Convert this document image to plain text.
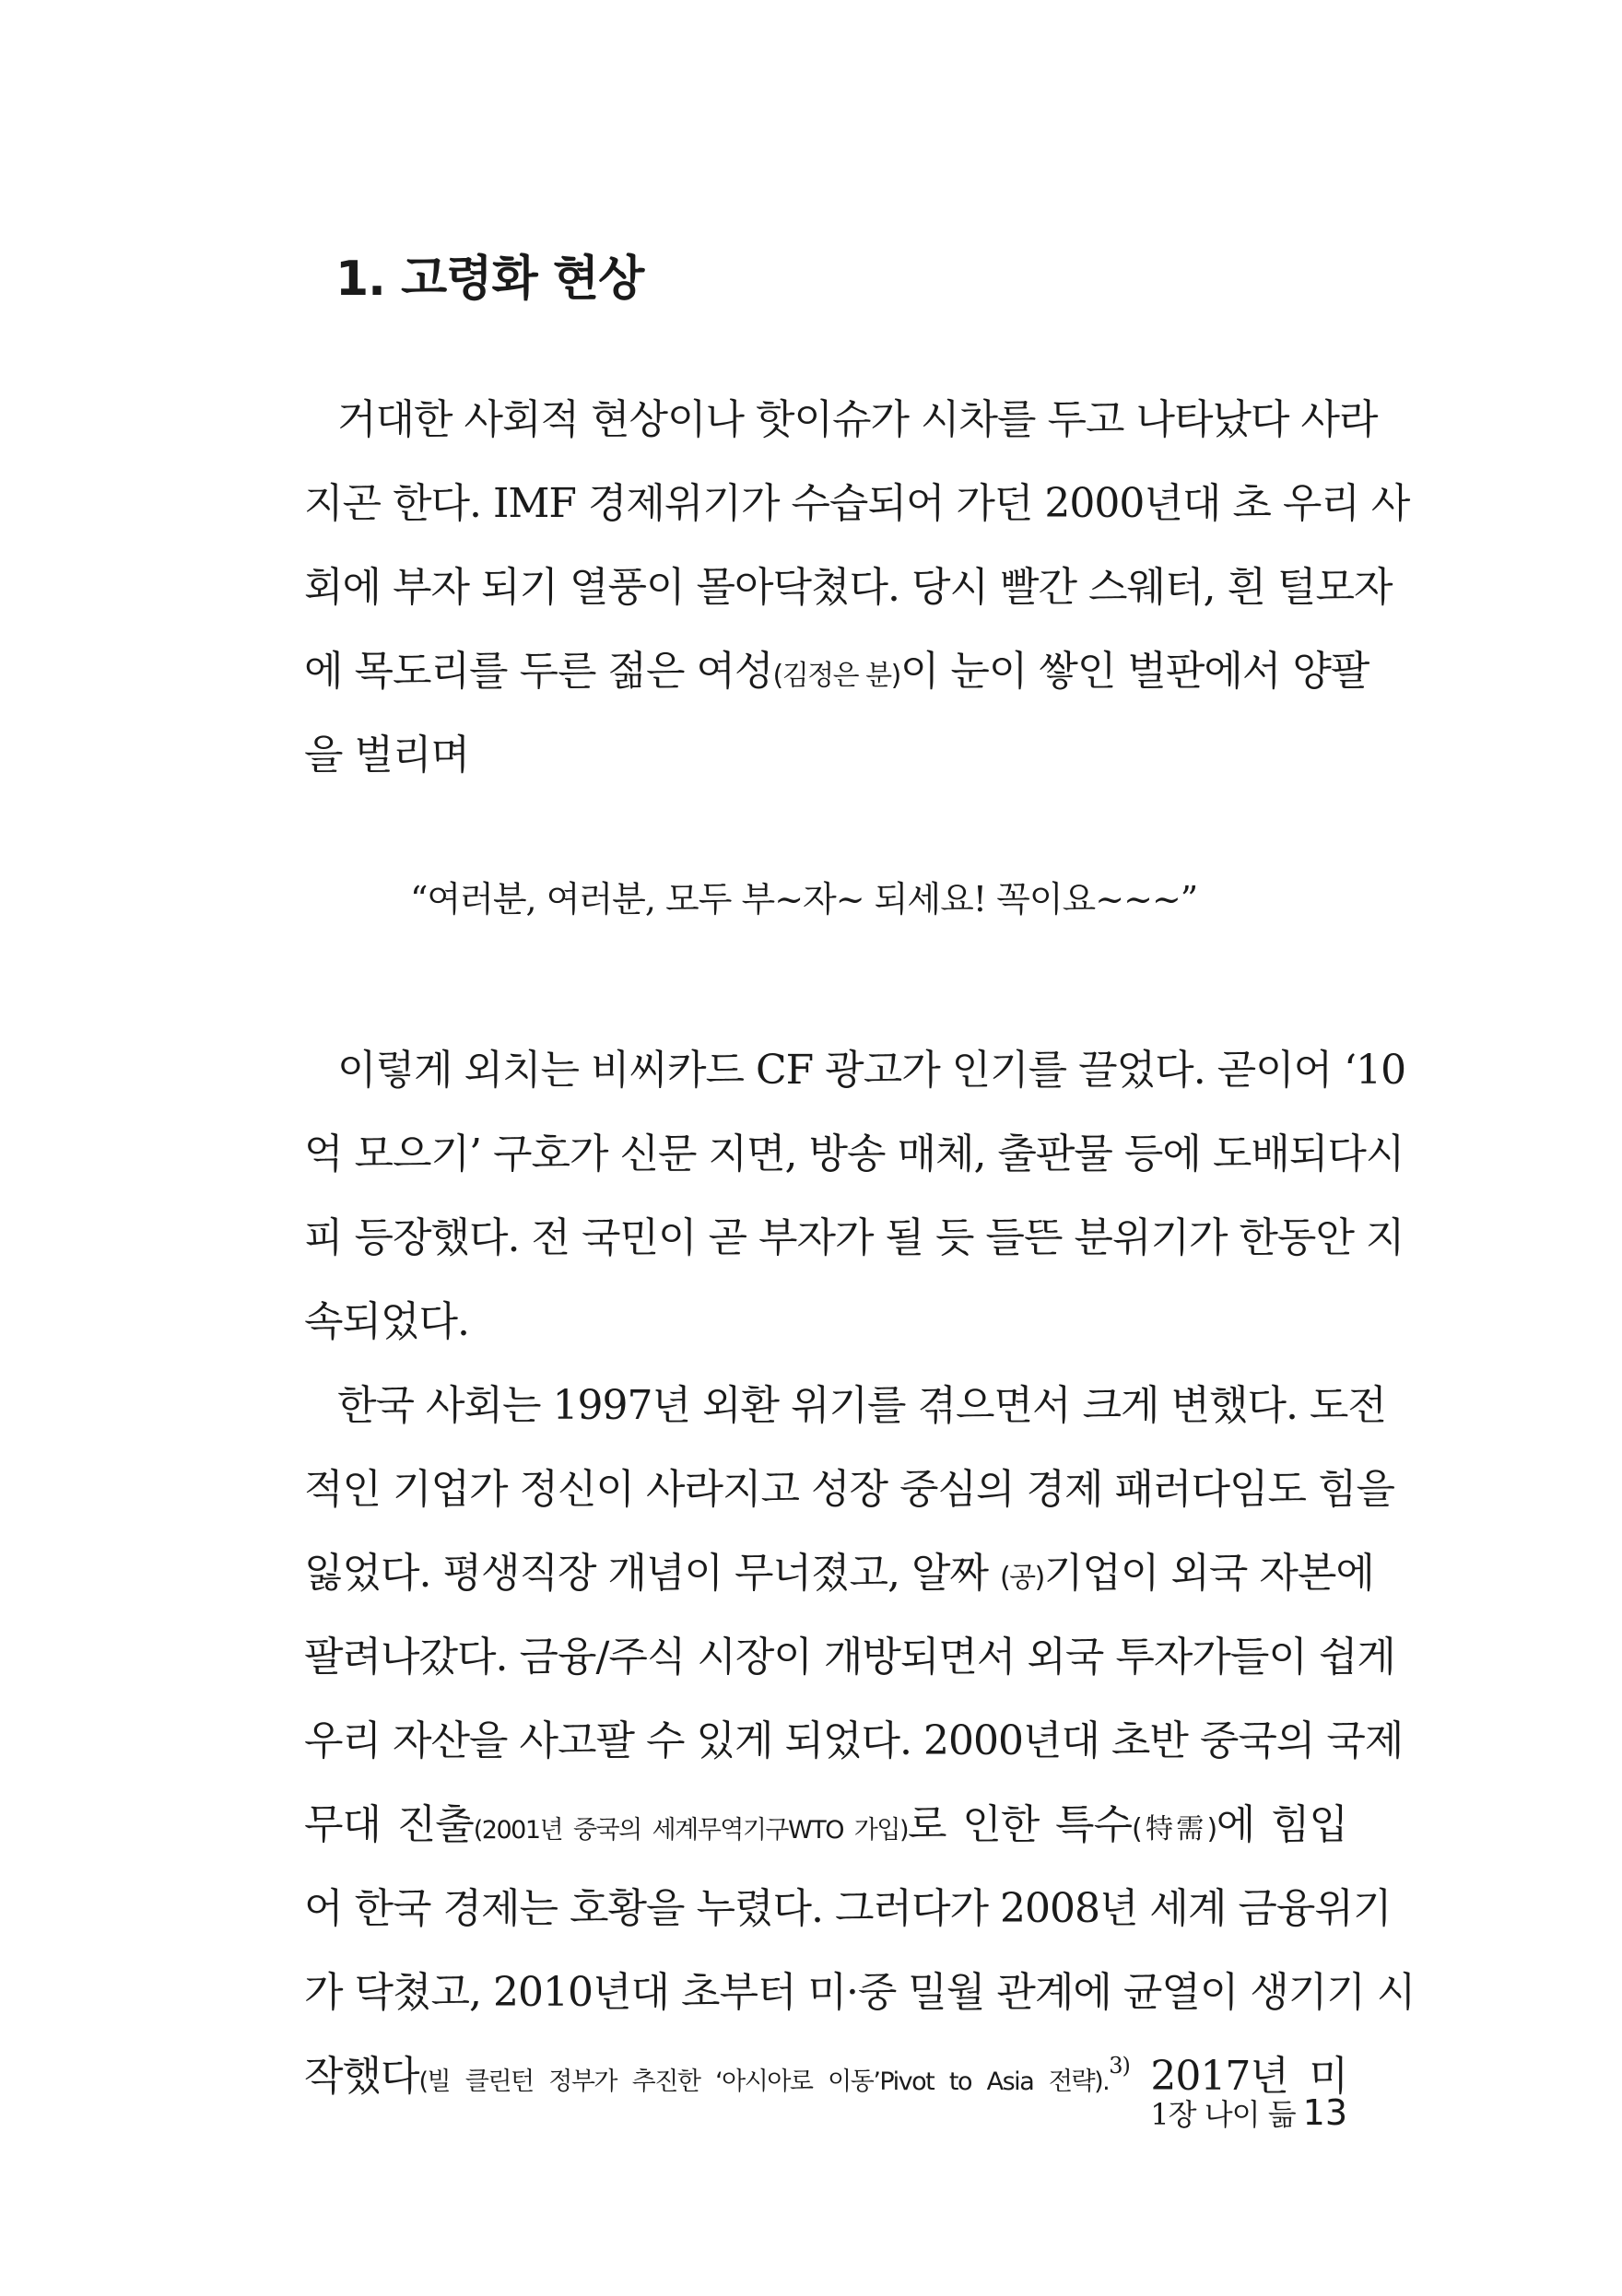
1. 고령화 현상

거대한 사회적 현상이나 핫이슈가 시차를 두고 나타났다 사라

지곤 한다. IMF 경제위기가 수습되어 가던 2000년대 초 우리 사

회에 부자 되기 열풍이 몰아닥쳤다. 당시 빨간 스웨터, 흰 털모자

에 목도리를 두른 젊은 여성(김정은 분)이 눈이 쌓인 벌판에서 양팔

을 벌리며

“여러분, 여러분, 모두 부~자~ 되세요! 꼭이요~~~”

이렇게 외치는 비씨카드 CF 광고가 인기를 끌었다. 곧이어 ‘10

억 모으기’ 구호가 신문 지면, 방송 매체, 출판물 등에 도배되다시

피 등장했다. 전 국민이 곧 부자가 될 듯 들뜬 분위기가 한동안 지

속되었다.

한국 사회는 1997년 외환 위기를 겪으면서 크게 변했다. 도전

적인 기업가 정신이 사라지고 성장 중심의 경제 패러다임도 힘을

잃었다. 평생직장 개념이 무너졌고, 알짜 (공)기업이 외국 자본에

팔려나갔다. 금융/주식 시장이 개방되면서 외국 투자가들이 쉽게

우리 자산을 사고팔 수 있게 되었다. 2000년대 초반 중국의 국제

무대 진출(2001년 중국의 세계무역기구WTO 가입)로 인한 특수(特需)에 힘입

어 한국 경제는 호황을 누렸다. 그러다가 2008년 세계 금융위기

가 닥쳤고, 2010년대 초부터 미·중 밀월 관계에 균열이 생기기 시

작했다(빌 클린턴 정부가 추진한 ‘아시아로 이동’Pivot to Asia 전략).$^{3)}$ 2017년 미

1장 나이 듦 13
